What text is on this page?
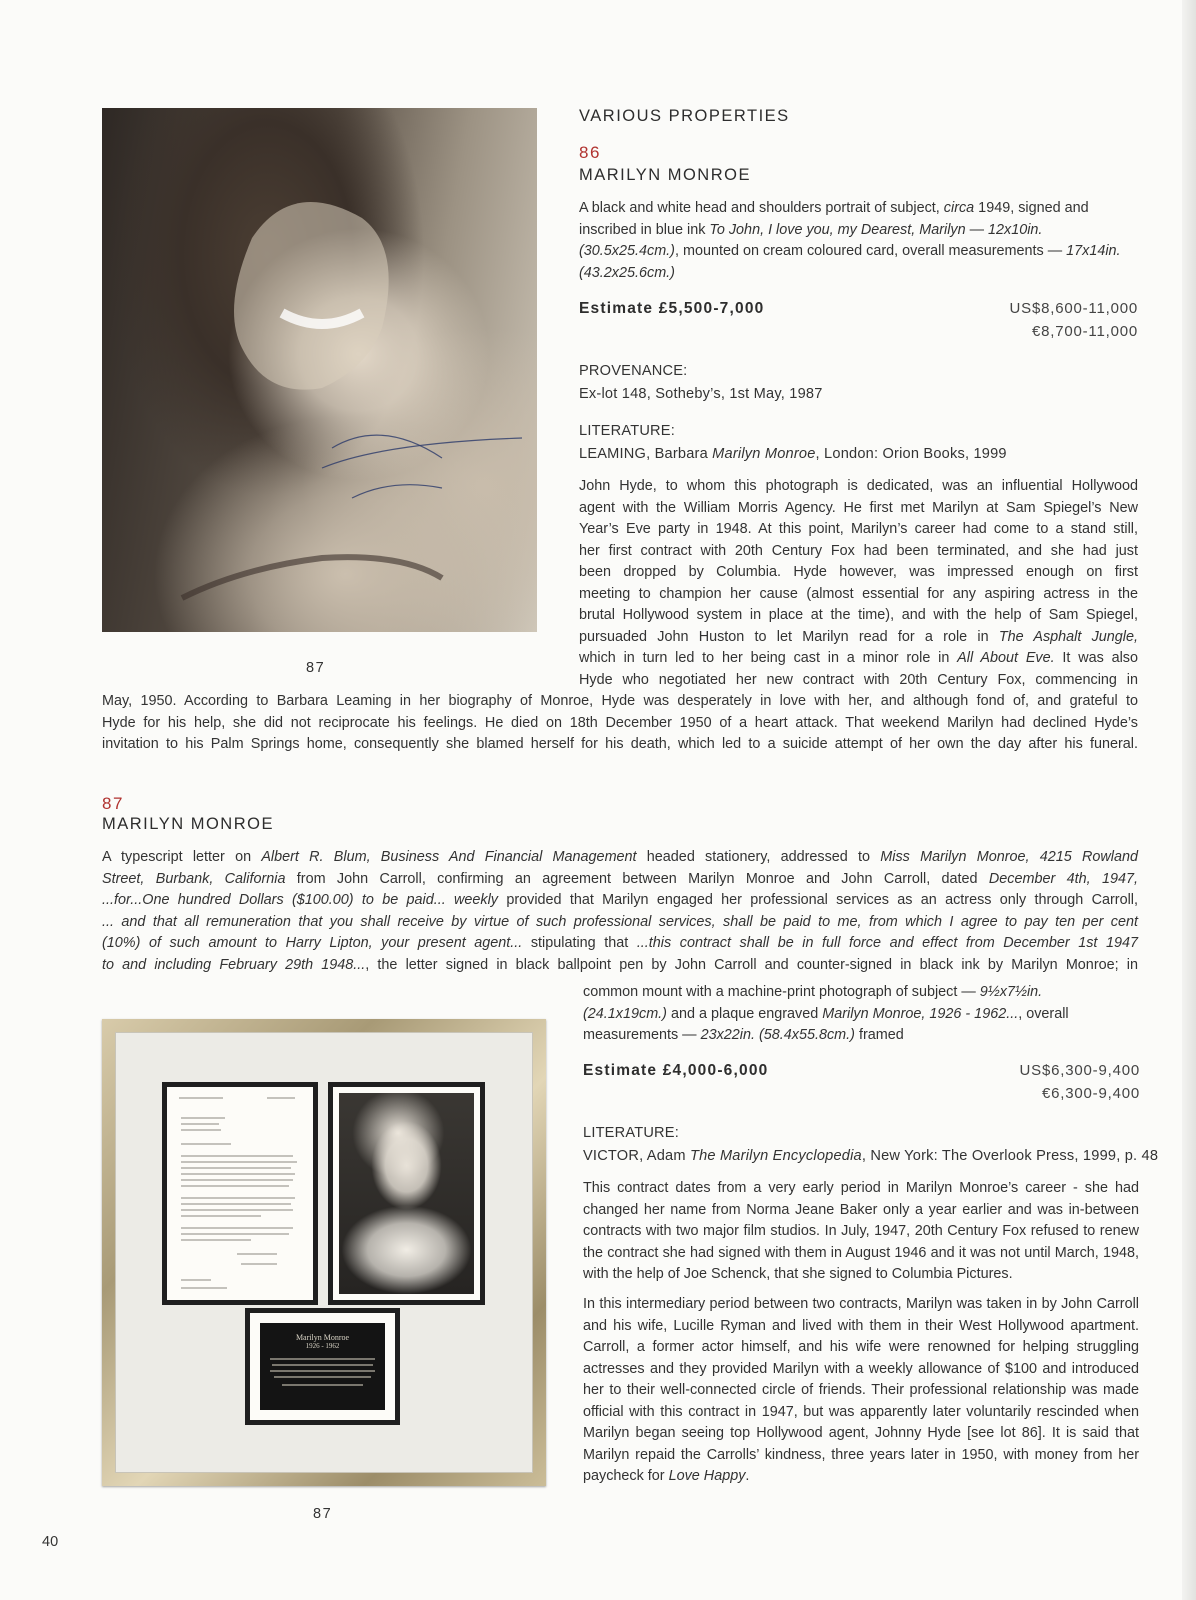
87
VARIOUS PROPERTIES
86
MARILYN MONROE

A black and white head and shoulders portrait of subject, circa 1949, signed and inscribed in blue ink To John, I love you, my Dearest, Marilyn — 12x10in. (30.5x25.4cm.), mounted on cream coloured card, overall measurements — 17x14in. (43.2x25.6cm.)

Estimate £5,500-7,000	US$8,600-11,000
€8,700-11,000
PROVENANCE:
Ex-lot 148, Sotheby’s, 1st May, 1987
LITERATURE:
LEAMING, Barbara Marilyn Monroe, London: Orion Books, 1999
John Hyde, to whom this photograph is dedicated, was an influential Hollywood
agent with the William Morris Agency. He first met Marilyn at Sam Spiegel’s New
Year’s Eve party in 1948. At this point, Marilyn’s career had come to a stand still,
her first contract with 20th Century Fox had been terminated, and she had just
been dropped by Columbia. Hyde however, was impressed enough on first
meeting to champion her cause (almost essential for any aspiring actress in the
brutal Hollywood system in place at the time), and with the help of Sam Spiegel,
pursuaded John Huston to let Marilyn read for a role in The Asphalt Jungle,
which in turn led to her being cast in a minor role in All About Eve. It was also
Hyde who negotiated her new contract with 20th Century Fox, commencing in
May, 1950. According to Barbara Leaming in her biography of Monroe, Hyde was desperately in love with her, and although fond of, and grateful to
Hyde for his help, she did not reciprocate his feelings. He died on 18th December 1950 of a heart attack. That weekend Marilyn had declined Hyde’s
invitation to his Palm Springs home, consequently she blamed herself for his death, which led to a suicide attempt of her own the day after his funeral.
87
MARILYN MONROE
A typescript letter on Albert R. Blum, Business And Financial Management headed stationery, addressed to Miss Marilyn Monroe, 4215 Rowland
Street, Burbank, California from John Carroll, confirming an agreement between Marilyn Monroe and John Carroll, dated December 4th, 1947,
...for...One hundred Dollars ($100.00) to be paid... weekly provided that Marilyn engaged her professional services as an actress only through Carroll,
... and that all remuneration that you shall receive by virtue of such professional services, shall be paid to me, from which I agree to pay ten per cent
(10%) of such amount to Harry Lipton, your present agent... stipulating that ...this contract shall be in full force and effect from December 1st 1947
to and including February 29th 1948..., the letter signed in black ballpoint pen by John Carroll and counter-signed in black ink by Marilyn Monroe; in

common mount with a machine-print photograph of subject — 9½x7½in. (24.1x19cm.) and a plaque engraved Marilyn Monroe, 1926 - 1962..., overall measurements — 23x22in. (58.4x55.8cm.) framed

Estimate £4,000-6,000	US$6,300-9,400
€6,300-9,400
LITERATURE:
VICTOR, Adam The Marilyn Encyclopedia, New York: The Overlook Press, 1999, p. 48

This contract dates from a very early period in Marilyn Monroe’s career - she had changed her name from Norma Jeane Baker only a year earlier and was in-between contracts with two major film studios. In July, 1947, 20th Century Fox refused to renew the contract she had signed with them in August 1946 and it was not until March, 1948, with the help of Joe Schenck, that she signed to Columbia Pictures.

In this intermediary period between two contracts, Marilyn was taken in by John Carroll and his wife, Lucille Ryman and lived with them in their West Hollywood apartment. Carroll, a former actor himself, and his wife were renowned for helping struggling actresses and they provided Marilyn with a weekly allowance of $100 and introduced her to their well-connected circle of friends. Their professional relationship was made official with this contract in 1947, but was apparently later voluntarily rescinded when Marilyn began seeing top Hollywood agent, Johnny Hyde [see lot 86]. It is said that Marilyn repaid the Carrolls’ kindness, three years later in 1950, with money from her paycheck for Love Happy.

Marilyn Monroe
1926 - 1962
87
40
